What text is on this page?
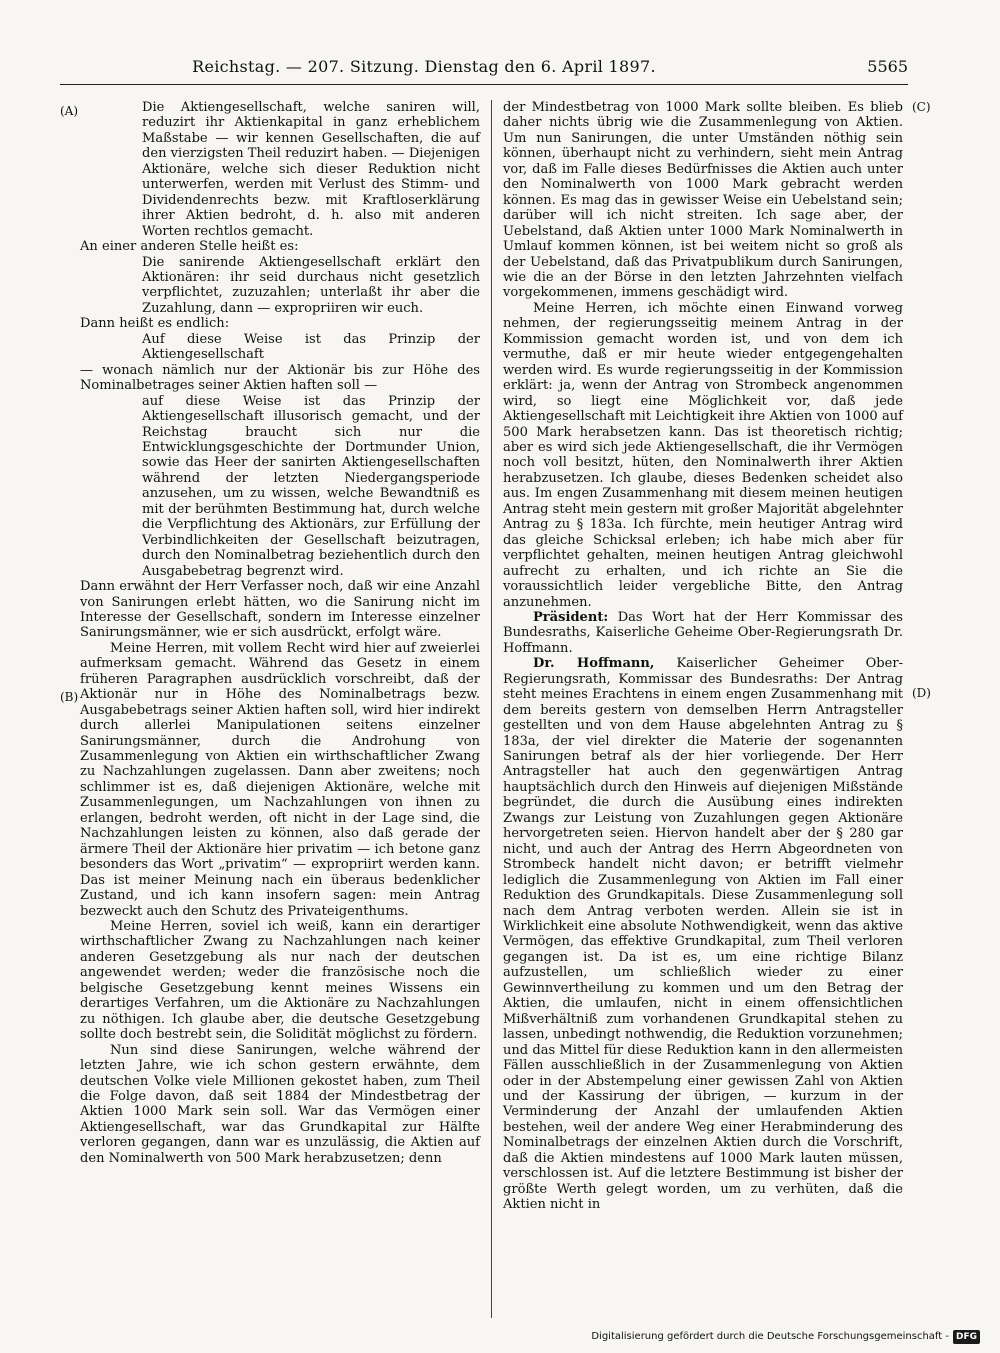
Reichstag. — 207. Sitzung. Dienstag den 6. April 1897.	5565
(A)
(B)
(C)
(D)

Die Aktiengesellschaft, welche saniren will, reduzirt ihr Aktienkapital in ganz erheblichem Maßstabe — wir kennen Gesellschaften, die auf den vierzigsten Theil reduzirt haben. — Diejenigen Aktionäre, welche sich dieser Reduktion nicht unterwerfen, werden mit Verlust des Stimm- und Dividendenrechts bezw. mit Kraftloserklärung ihrer Aktien bedroht, d. h. also mit anderen Worten rechtlos gemacht.

An einer anderen Stelle heißt es:

Die sanirende Aktiengesellschaft erklärt den Aktionären: ihr seid durchaus nicht gesetzlich verpflichtet, zuzuzahlen; unterlaßt ihr aber die Zuzahlung, dann — expropriiren wir euch.

Dann heißt es endlich:

Auf diese Weise ist das Prinzip der Aktiengesellschaft

— wonach nämlich nur der Aktionär bis zur Höhe des Nominalbetrages seiner Aktien haften soll —

auf diese Weise ist das Prinzip der Aktiengesellschaft illusorisch gemacht, und der Reichstag braucht sich nur die Entwicklungsgeschichte der Dortmunder Union, sowie das Heer der sanirten Aktiengesellschaften während der letzten Niedergangsperiode anzusehen, um zu wissen, welche Bewandtniß es mit der berühmten Bestimmung hat, durch welche die Verpflichtung des Aktionärs, zur Erfüllung der Verbindlichkeiten der Gesellschaft beizutragen, durch den Nominalbetrag beziehentlich durch den Ausgabebetrag begrenzt wird.

Dann erwähnt der Herr Verfasser noch, daß wir eine Anzahl von Sanirungen erlebt hätten, wo die Sanirung nicht im Interesse der Gesellschaft, sondern im Interesse einzelner Sanirungsmänner, wie er sich ausdrückt, erfolgt wäre.

Meine Herren, mit vollem Recht wird hier auf zweierlei aufmerksam gemacht. Während das Gesetz in einem früheren Paragraphen ausdrücklich vorschreibt, daß der Aktionär nur in Höhe des Nominalbetrags bezw. Ausgabebetrags seiner Aktien haften soll, wird hier indirekt durch allerlei Manipulationen seitens einzelner Sanirungsmänner, durch die Androhung von Zusammenlegung von Aktien ein wirthschaftlicher Zwang zu Nachzahlungen zugelassen. Dann aber zweitens; noch schlimmer ist es, daß diejenigen Aktionäre, welche mit Zusammenlegungen, um Nachzahlungen von ihnen zu erlangen, bedroht werden, oft nicht in der Lage sind, die Nachzahlungen leisten zu können, also daß gerade der ärmere Theil der Aktionäre hier privatim — ich betone ganz besonders das Wort „privatim“ — expropriirt werden kann. Das ist meiner Meinung nach ein überaus bedenklicher Zustand, und ich kann insofern sagen: mein Antrag bezweckt auch den Schutz des Privateigenthums.

Meine Herren, soviel ich weiß, kann ein derartiger wirthschaftlicher Zwang zu Nachzahlungen nach keiner anderen Gesetzgebung als nur nach der deutschen angewendet werden; weder die französische noch die belgische Gesetzgebung kennt meines Wissens ein derartiges Verfahren, um die Aktionäre zu Nachzahlungen zu nöthigen. Ich glaube aber, die deutsche Gesetzgebung sollte doch bestrebt sein, die Solidität möglichst zu fördern.

Nun sind diese Sanirungen, welche während der letzten Jahre, wie ich schon gestern erwähnte, dem deutschen Volke viele Millionen gekostet haben, zum Theil die Folge davon, daß seit 1884 der Mindestbetrag der Aktien 1000 Mark sein soll. War das Vermögen einer Aktiengesellschaft, war das Grundkapital zur Hälfte verloren gegangen, dann war es unzulässig, die Aktien auf den Nominalwerth von 500 Mark herabzusetzen; denn

der Mindestbetrag von 1000 Mark sollte bleiben. Es blieb daher nichts übrig wie die Zusammenlegung von Aktien. Um nun Sanirungen, die unter Umständen nöthig sein können, überhaupt nicht zu verhindern, sieht mein Antrag vor, daß im Falle dieses Bedürfnisses die Aktien auch unter den Nominalwerth von 1000 Mark gebracht werden können. Es mag das in gewisser Weise ein Uebelstand sein; darüber will ich nicht streiten. Ich sage aber, der Uebelstand, daß Aktien unter 1000 Mark Nominalwerth in Umlauf kommen können, ist bei weitem nicht so groß als der Uebelstand, daß das Privatpublikum durch Sanirungen, wie die an der Börse in den letzten Jahrzehnten vielfach vorgekommenen, immens geschädigt wird.

Meine Herren, ich möchte einen Einwand vorweg nehmen, der regierungsseitig meinem Antrag in der Kommission gemacht worden ist, und von dem ich vermuthe, daß er mir heute wieder entgegengehalten werden wird. Es wurde regierungsseitig in der Kommission erklärt: ja, wenn der Antrag von Strombeck angenommen wird, so liegt eine Möglichkeit vor, daß jede Aktiengesellschaft mit Leichtigkeit ihre Aktien von 1000 auf 500 Mark herabsetzen kann. Das ist theoretisch richtig; aber es wird sich jede Aktiengesellschaft, die ihr Vermögen noch voll besitzt, hüten, den Nominalwerth ihrer Aktien herabzusetzen. Ich glaube, dieses Bedenken scheidet also aus. Im engen Zusammenhang mit diesem meinen heutigen Antrag steht mein gestern mit großer Majorität abgelehnter Antrag zu § 183a. Ich fürchte, mein heutiger Antrag wird das gleiche Schicksal erleben; ich habe mich aber für verpflichtet gehalten, meinen heutigen Antrag gleichwohl aufrecht zu erhalten, und ich richte an Sie die voraussichtlich leider vergebliche Bitte, den Antrag anzunehmen.

Präsident: Das Wort hat der Herr Kommissar des Bundesraths, Kaiserliche Geheime Ober-Regierungsrath Dr. Hoffmann.

Dr. Hoffmann, Kaiserlicher Geheimer Ober-Regierungsrath, Kommissar des Bundesraths: Der Antrag steht meines Erachtens in einem engen Zusammenhang mit dem bereits gestern von demselben Herrn Antragsteller gestellten und von dem Hause abgelehnten Antrag zu § 183a, der viel direkter die Materie der sogenannten Sanirungen betraf als der hier vorliegende. Der Herr Antragsteller hat auch den gegenwärtigen Antrag hauptsächlich durch den Hinweis auf diejenigen Mißstände begründet, die durch die Ausübung eines indirekten Zwangs zur Leistung von Zuzahlungen gegen Aktionäre hervorgetreten seien. Hiervon handelt aber der § 280 gar nicht, und auch der Antrag des Herrn Abgeordneten von Strombeck handelt nicht davon; er betrifft vielmehr lediglich die Zusammenlegung von Aktien im Fall einer Reduktion des Grundkapitals. Diese Zusammenlegung soll nach dem Antrag verboten werden. Allein sie ist in Wirklichkeit eine absolute Nothwendigkeit, wenn das aktive Vermögen, das effektive Grundkapital, zum Theil verloren gegangen ist. Da ist es, um eine richtige Bilanz aufzustellen, um schließlich wieder zu einer Gewinnvertheilung zu kommen und um den Betrag der Aktien, die umlaufen, nicht in einem offensichtlichen Mißverhältniß zum vorhandenen Grundkapital stehen zu lassen, unbedingt nothwendig, die Reduktion vorzunehmen; und das Mittel für diese Reduktion kann in den allermeisten Fällen ausschließlich in der Zusammenlegung von Aktien oder in der Abstempelung einer gewissen Zahl von Aktien und der Kassirung der übrigen, — kurzum in der Verminderung der Anzahl der umlaufenden Aktien bestehen, weil der andere Weg einer Herabminderung des Nominalbetrags der einzelnen Aktien durch die Vorschrift, daß die Aktien mindestens auf 1000 Mark lauten müssen, verschlossen ist. Auf die letztere Bestimmung ist bisher der größte Werth gelegt worden, um zu verhüten, daß die Aktien nicht in

Digitalisierung gefördert durch die Deutsche Forschungsgemeinschaft - DFG
